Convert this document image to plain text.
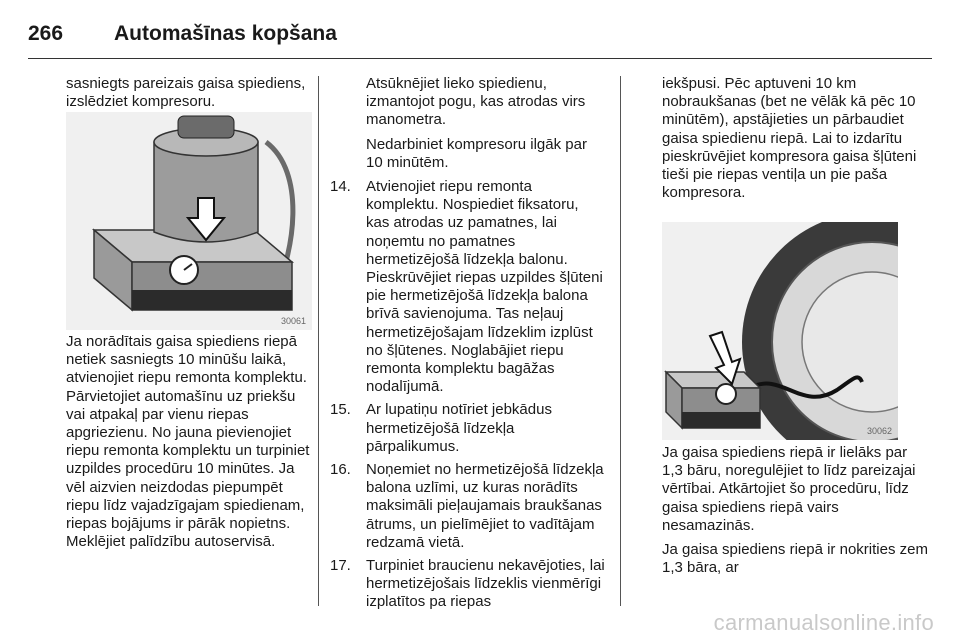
266	Automašīnas kopšana
sasniegts pareizais gaisa spiediens, izslēdziet kompresoru.
Ja norādītais gaisa spiediens riepā netiek sasniegts 10 minūšu laikā, atvienojiet riepu remonta komplektu. Pārvietojiet automašīnu uz priekšu vai atpakaļ par vienu riepas apgriezienu. No jauna pievienojiet riepu remonta komplektu un turpiniet uzpildes procedūru 10 minūtes. Ja vēl aizvien neizdodas piepumpēt riepu līdz vajadzīgajam spiedienam, riepas bojājums ir pārāk nopietns. Meklējiet palīdzību autoservisā.
30061

Atsūknējiet lieko spiedienu, izmantojot pogu, kas atrodas virs manometra.

Nedarbiniet kompresoru ilgāk par 10 minūtēm.

14.	Atvienojiet riepu remonta komplektu. Nospiediet fiksatoru, kas atrodas uz pamatnes, lai noņemtu no pamatnes hermetizējošā līdzekļa balonu. Pieskrūvējiet riepas uzpildes šļūteni pie hermetizējošā līdzekļa balona brīvā savienojuma. Tas neļauj hermetizējošajam līdzeklim izplūst no šļūtenes. Noglabājiet riepu remonta komplektu bagāžas nodalījumā.
15.	Ar lupatiņu notīriet jebkādus hermetizējošā līdzekļa pārpalikumus.
16.	Noņemiet no hermetizējošā līdzekļa balona uzlīmi, uz kuras norādīts maksimāli pieļaujamais braukšanas ātrums, un pielīmējiet to vadītājam redzamā vietā.
17.	Turpiniet braucienu nekavējoties, lai hermetizējošais līdzeklis vienmērīgi izplatītos pa riepas

iekšpusi. Pēc aptuveni 10 km nobraukšanas (bet ne vēlāk kā pēc 10 minūtēm), apstājieties un pārbaudiet gaisa spiedienu riepā. Lai to izdarītu pieskrūvējiet kompresora gaisa šļūteni tieši pie riepas ventiļa un pie paša kompresora.

30062

Ja gaisa spiediens riepā ir lielāks par 1,3 bāru, noregulējiet to līdz pareizajai vērtībai. Atkārtojiet šo procedūru, līdz gaisa spiediens riepā vairs nesamazinās.

Ja gaisa spiediens riepā ir nokrities zem 1,3 bāra, ar

carmanualsonline.info
